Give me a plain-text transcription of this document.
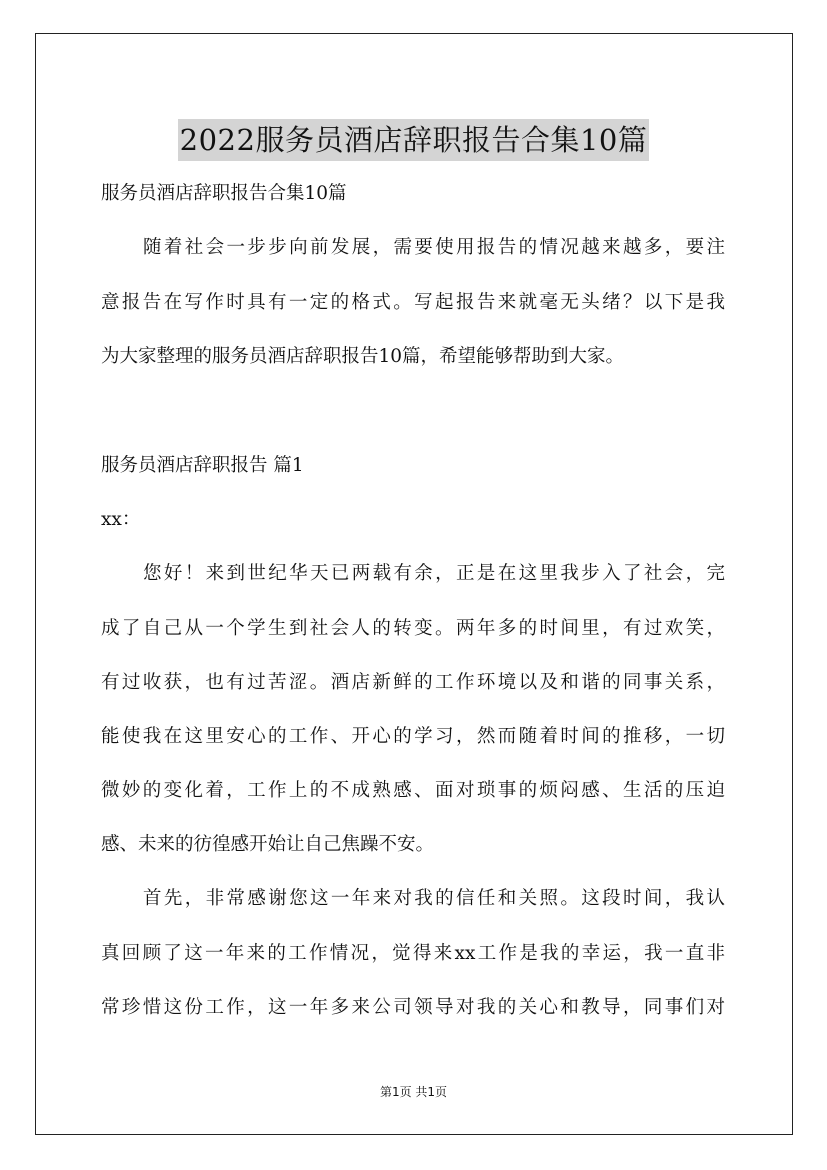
2022服务员酒店辞职报告合集10篇
服务员酒店辞职报告合集10篇
随着社会一步步向前发展，需要使用报告的情况越来越多，要注
意报告在写作时具有一定的格式。写起报告来就毫无头绪？以下是我
为大家整理的服务员酒店辞职报告10篇，希望能够帮助到大家。
服务员酒店辞职报告 篇1
xx：
您好！来到世纪华天已两载有余，正是在这里我步入了社会，完
成了自己从一个学生到社会人的转变。两年多的时间里，有过欢笑，
有过收获，也有过苦涩。酒店新鲜的工作环境以及和谐的同事关系，
能使我在这里安心的工作、开心的学习，然而随着时间的推移，一切
微妙的变化着，工作上的不成熟感、面对琐事的烦闷感、生活的压迫
感、未来的彷徨感开始让自己焦躁不安。
首先，非常感谢您这一年来对我的信任和关照。这段时间，我认
真回顾了这一年来的工作情况，觉得来xx工作是我的幸运，我一直非
常珍惜这份工作，这一年多来公司领导对我的关心和教导，同事们对
第1页 共1页
